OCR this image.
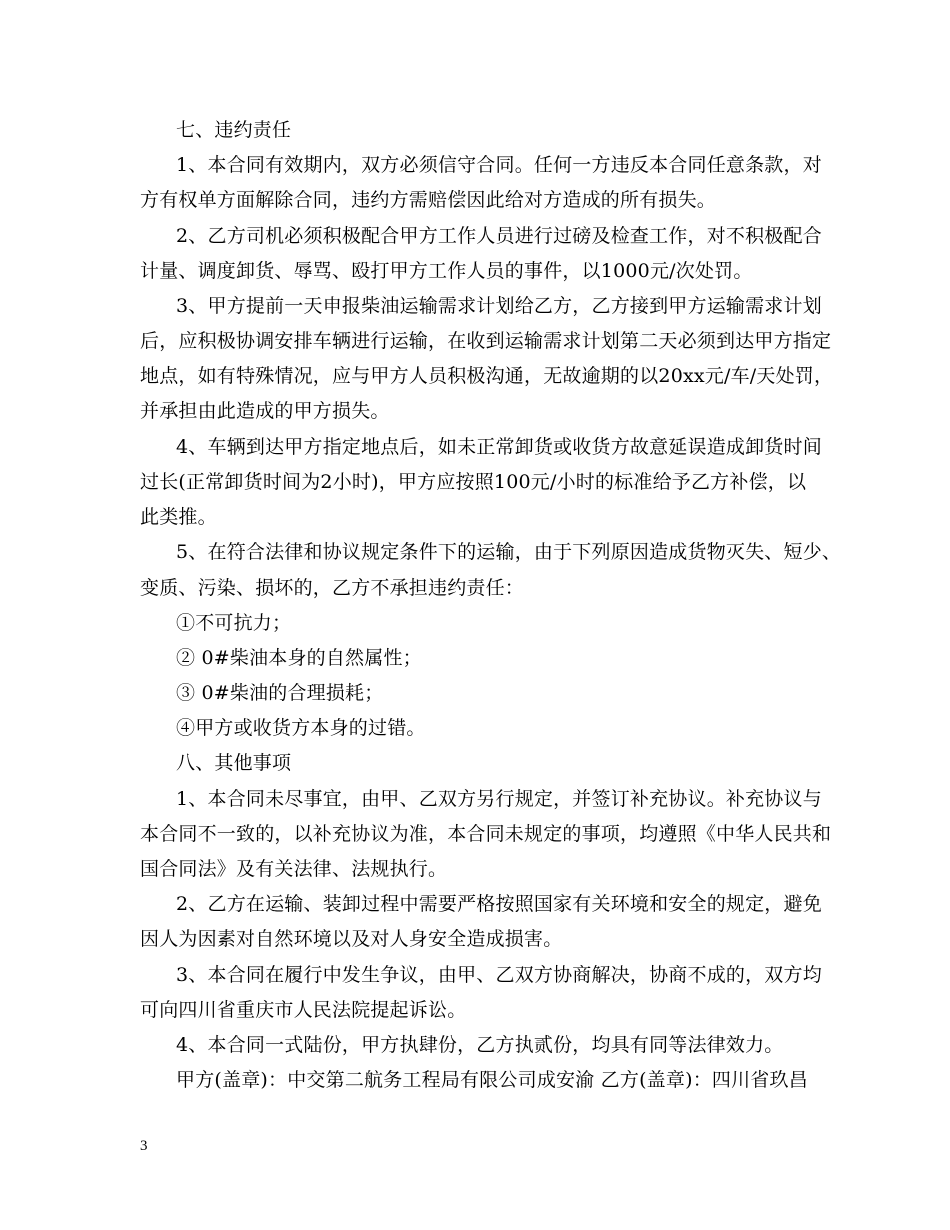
七、违约责任
1、本合同有效期内，双方必须信守合同。任何一方违反本合同任意条款，对
方有权单方面解除合同，违约方需赔偿因此给对方造成的所有损失。
2、乙方司机必须积极配合甲方工作人员进行过磅及检查工作，对不积极配合
计量、调度卸货、辱骂、殴打甲方工作人员的事件，以1000元/次处罚。
3、甲方提前一天申报柴油运输需求计划给乙方，乙方接到甲方运输需求计划
后，应积极协调安排车辆进行运输，在收到运输需求计划第二天必须到达甲方指定
地点，如有特殊情况，应与甲方人员积极沟通，无故逾期的以20xx元/车/天处罚，
并承担由此造成的甲方损失。
4、车辆到达甲方指定地点后，如未正常卸货或收货方故意延误造成卸货时间
过长(正常卸货时间为2小时)，甲方应按照100元/小时的标准给予乙方补偿，以
此类推。
5、在符合法律和协议规定条件下的运输，由于下列原因造成货物灭失、短少、
变质、污染、损坏的，乙方不承担违约责任：
①不可抗力；
② 0#柴油本身的自然属性；
③ 0#柴油的合理损耗；
④甲方或收货方本身的过错。
八、其他事项
1、本合同未尽事宜，由甲、乙双方另行规定，并签订补充协议。补充协议与
本合同不一致的，以补充协议为准，本合同未规定的事项，均遵照《中华人民共和
国合同法》及有关法律、法规执行。
2、乙方在运输、装卸过程中需要严格按照国家有关环境和安全的规定，避免
因人为因素对自然环境以及对人身安全造成损害。
3、本合同在履行中发生争议，由甲、乙双方协商解决，协商不成的，双方均
可向四川省重庆市人民法院提起诉讼。
4、本合同一式陆份，甲方执肆份，乙方执贰份，均具有同等法律效力。
甲方(盖章)：中交第二航务工程局有限公司成安渝 乙方(盖章)：四川省玖昌
3
